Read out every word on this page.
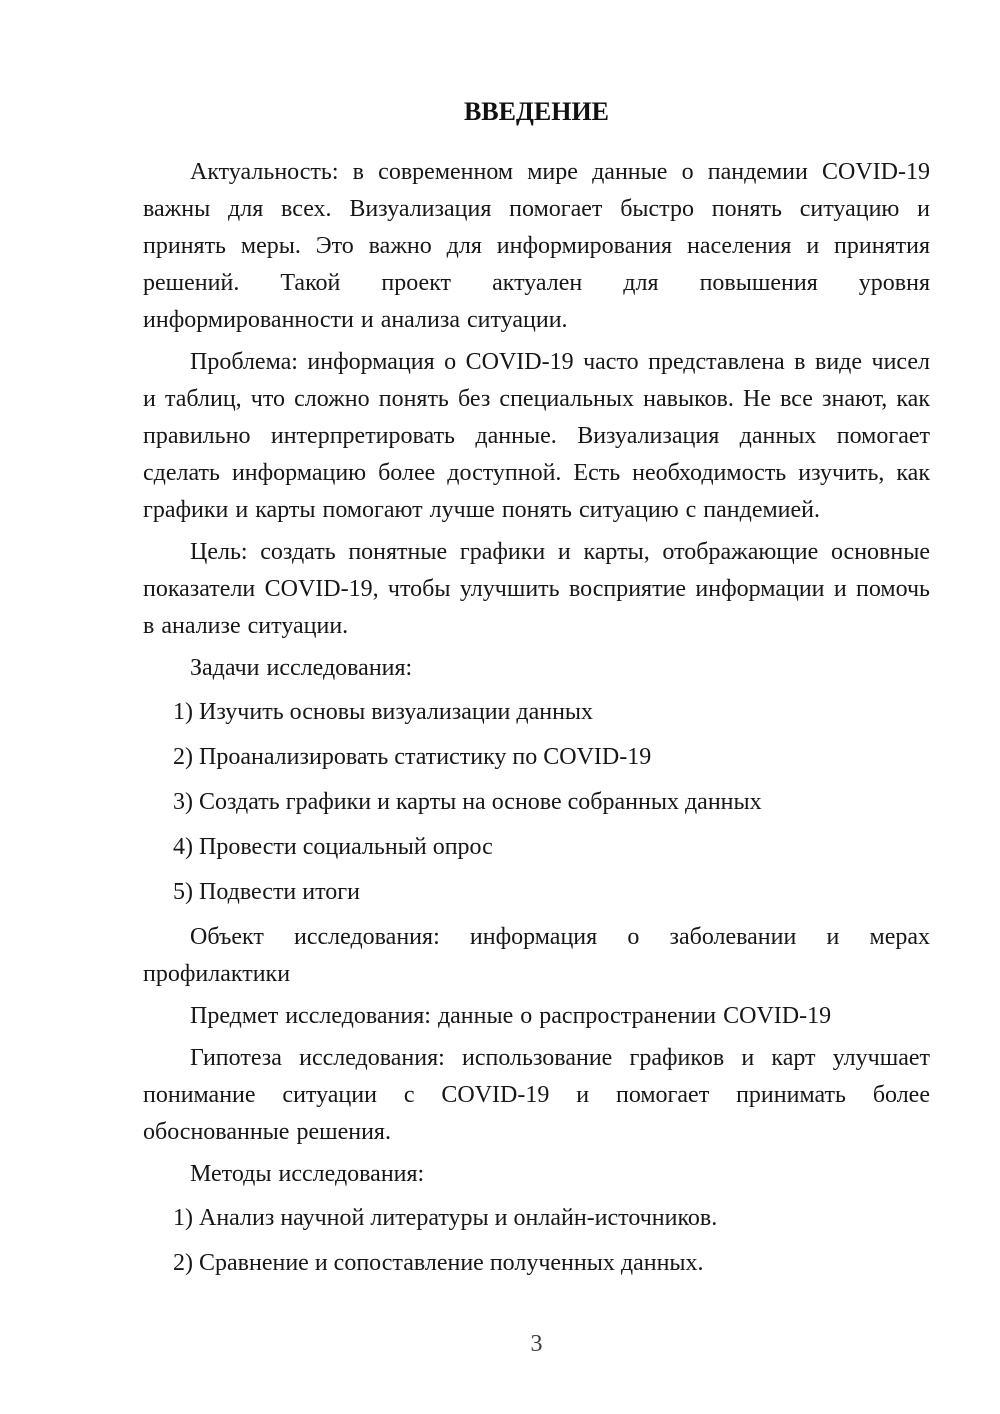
ВВЕДЕНИЕ

Актуальность: в современном мире данные о пандемии COVID-19 важны для всех. Визуализация помогает быстро понять ситуацию и принять меры. Это важно для информирования населения и принятия решений. Такой проект актуален для повышения уровня информированности и анализа ситуации.

Проблема: информация о COVID-19 часто представлена в виде чисел и таблиц, что сложно понять без специальных навыков. Не все знают, как правильно интерпретировать данные. Визуализация данных помогает сделать информацию более доступной. Есть необходимость изучить, как графики и карты помогают лучше понять ситуацию с пандемией.

Цель: создать понятные графики и карты, отображающие основные показатели COVID-19, чтобы улучшить восприятие информации и помочь в анализе ситуации.

Задачи исследования:

1) Изучить основы визуализации данных
2) Проанализировать статистику по COVID-19
3) Создать графики и карты на основе собранных данных
4) Провести социальный опрос
5) Подвести итоги

Объект исследования: информация о заболевании и мерах профилактики

Предмет исследования: данные о распространении COVID-19

Гипотеза исследования: использование графиков и карт улучшает понимание ситуации с COVID-19 и помогает принимать более обоснованные решения.

Методы исследования:

1) Анализ научной литературы и онлайн-источников.
2) Сравнение и сопоставление полученных данных.
3
